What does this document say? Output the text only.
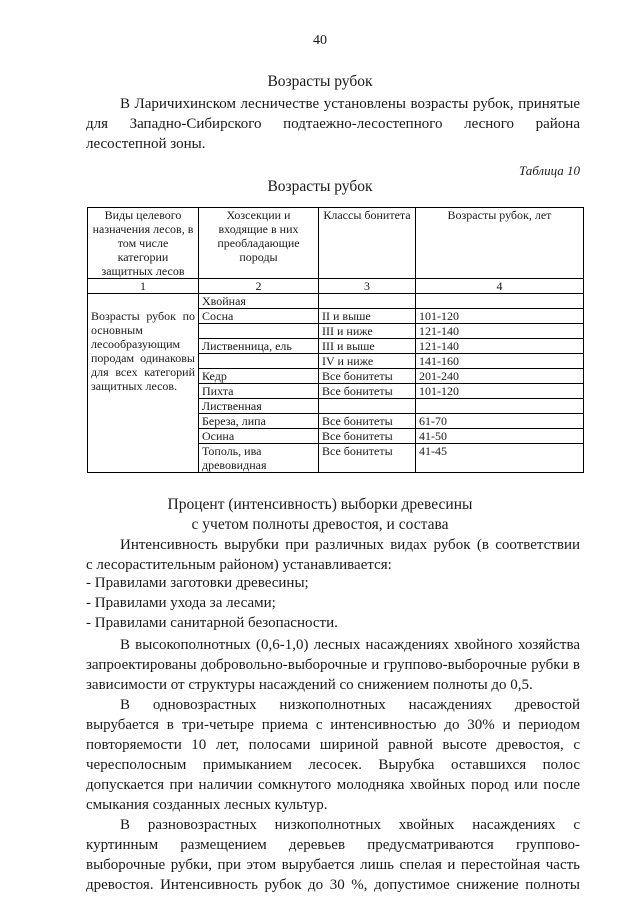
40
Возрасты рубок
В Ларичихинском лесничестве установлены возрасты рубок, принятые
для Западно-Сибирского подтаежно-лесостепного лесного района
лесостепной зоны.
Таблица 10
Возрасты рубок
Виды целевого назначения лесов, в том числе категории защитных лесов	Хозсекции и входящие в них преобладающие породы	Классы бонитета	Возрасты рубок, лет
1	2	3	4
	Хвойная		
Возрасты рубок по основным лесообразующим породам одинаковы для всех категорий защитных лесов.	Сосна	II и выше	101-120
		III и ниже	121-140
	Лиственница, ель	III и выше	121-140
		IV и ниже	141-160
	Кедр	Все бонитеты	201-240
	Пихта	Все бонитеты	101-120
	Лиственная		
	Береза, липа	Все бонитеты	61-70
	Осина	Все бонитеты	41-50
	Тополь, ива древовидная	Все бонитеты	41-45
Процент (интенсивность) выборки древесины
с учетом полноты древостоя, и состава
Интенсивность вырубки при различных видах рубок (в соответствии
с лесорастительным районом) устанавливается:
- Правилами заготовки древесины;
- Правилами ухода за лесами;
- Правилами санитарной безопасности.
В высокополнотных (0,6-1,0) лесных насаждениях хвойного хозяйства
запроектированы добровольно-выборочные и группово-выборочные рубки в
зависимости от структуры насаждений со снижением полноты до 0,5.
В одновозрастных низкополнотных насаждениях древостой
вырубается в три-четыре приема с интенсивностью до 30% и периодом
повторяемости 10 лет, полосами шириной равной высоте древостоя, с
чересполосным примыканием лесосек. Вырубка оставшихся полос
допускается при наличии сомкнутого молодняка хвойных пород или после
смыкания созданных лесных культур.
В разновозрастных низкополнотных хвойных насаждениях с
куртинным размещением деревьев предусматриваются группово-
выборочные рубки, при этом вырубается лишь спелая и перестойная часть
древостоя. Интенсивность рубок до 30 %, допустимое снижение полноты
